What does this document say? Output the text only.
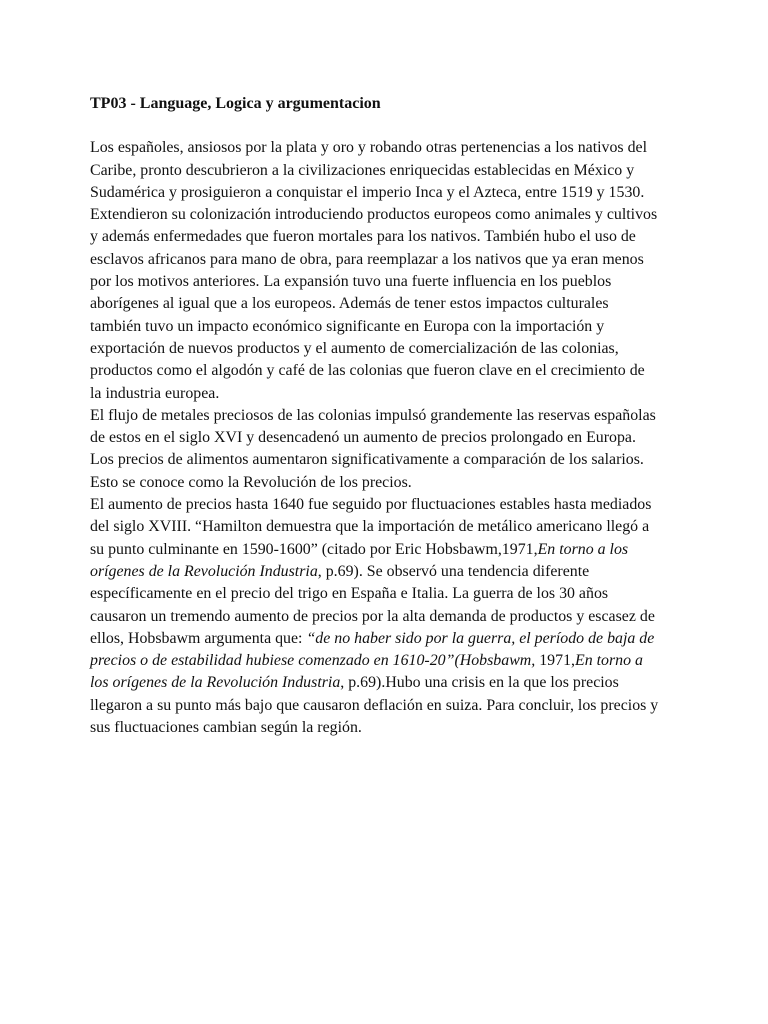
TP03 - Language, Logica y argumentacion
Los españoles, ansiosos por la plata y oro y robando otras pertenencias a los nativos del
Caribe, pronto descubrieron a la civilizaciones enriquecidas establecidas en México y
Sudamérica y prosiguieron a conquistar el imperio Inca y el Azteca, entre 1519 y 1530.
Extendieron su colonización introduciendo productos europeos como animales y cultivos
y además enfermedades que fueron mortales para los nativos. También hubo el uso de
esclavos africanos para mano de obra, para reemplazar a los nativos que ya eran menos
por los motivos anteriores. La expansión tuvo una fuerte influencia en los pueblos
aborígenes al igual que a los europeos. Además de tener estos impactos culturales
también tuvo un impacto económico significante en Europa con la importación y
exportación de nuevos productos y el aumento de comercialización de las colonias,
productos como el algodón y café de las colonias que fueron clave en el crecimiento de
la industria europea.
El flujo de metales preciosos de las colonias impulsó grandemente las reservas españolas
de estos en el siglo XVI y desencadenó un aumento de precios prolongado en Europa.
Los precios de alimentos aumentaron significativamente a comparación de los salarios.
Esto se conoce como la Revolución de los precios.
El aumento de precios hasta 1640 fue seguido por fluctuaciones estables hasta mediados
del siglo XVIII. “Hamilton demuestra que la importación de metálico americano llegó a
su punto culminante en 1590-1600” (citado por Eric Hobsbawm,1971,En torno a los
orígenes de la Revolución Industria, p.69). Se observó una tendencia diferente
específicamente en el precio del trigo en España e Italia. La guerra de los 30 años
causaron un tremendo aumento de precios por la alta demanda de productos y escasez de
ellos, Hobsbawm argumenta que: “de no haber sido por la guerra, el período de baja de
precios o de estabilidad hubiese comenzado en 1610-20”(Hobsbawm, 1971,En torno a
los orígenes de la Revolución Industria, p.69).Hubo una crisis en la que los precios
llegaron a su punto más bajo que causaron deflación en suiza. Para concluir, los precios y
sus fluctuaciones cambian según la región.
